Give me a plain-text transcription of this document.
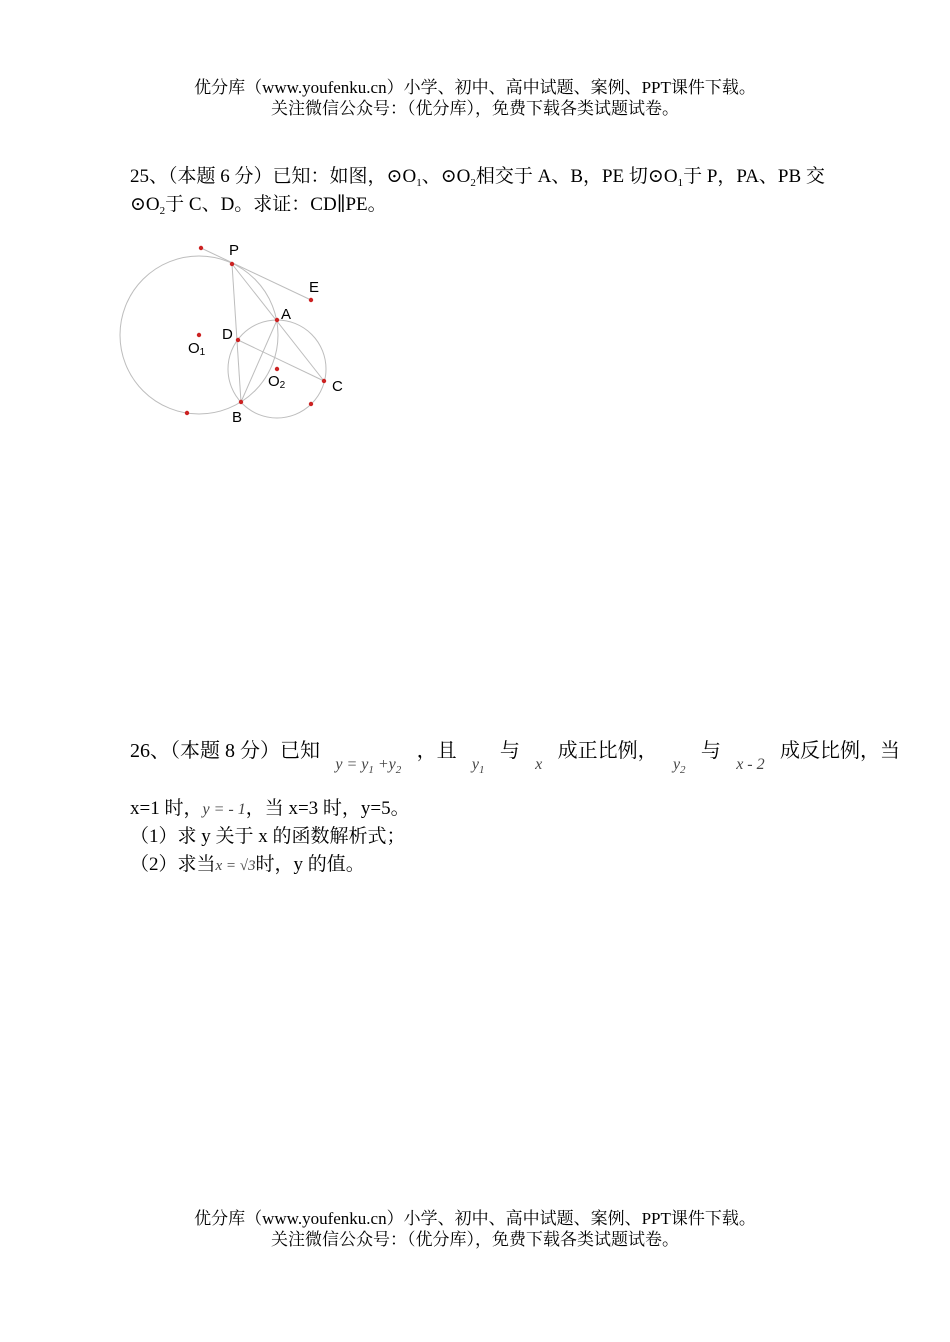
优分库（www.youfenku.cn）小学、初中、高中试题、案例、PPT课件下载。
关注微信公众号：（优分库），免费下载各类试题试卷。
25、（本题 6 分）已知：如图，$⊙O_1$、$⊙O_2$相交于 A、B，PE 切$⊙O_1$于 P，PA、PB 交
$⊙O_2$于 C、D。求证：CD∥PE。
P
E
A
D
O1
O2	C
B
26、（本题 8 分）已知
$y = y_1 +y_2$
，且
$y_1$
与
x
成正比例，
$y_2$
与
x - 2
成反比例，当
x=1 时，y = - 1，当 x=3 时，y=5。
（1）求 y 关于 x 的函数解析式；
（2）求当x = √3时，y 的值。
优分库（www.youfenku.cn）小学、初中、高中试题、案例、PPT课件下载。
关注微信公众号：（优分库），免费下载各类试题试卷。
